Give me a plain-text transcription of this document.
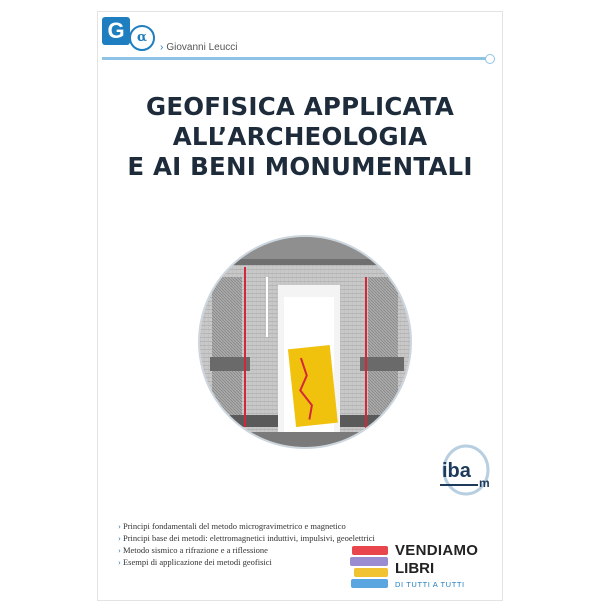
G α
› Giovanni Leucci
GEOFISICA APPLICATA
ALL’ARCHEOLOGIA
E AI BENI MONUMENTALI
iba
m
› Principi fondamentali del metodo microgravimetrico e magnetico
› Principi base dei metodi: elettromagnetici induttivi, impulsivi, geoelettrici
› Metodo sismico a rifrazione e a riflessione
› Esempi di applicazione dei metodi geofisici
VENDIAMO
LIBRI
DI TUTTI A TUTTI
